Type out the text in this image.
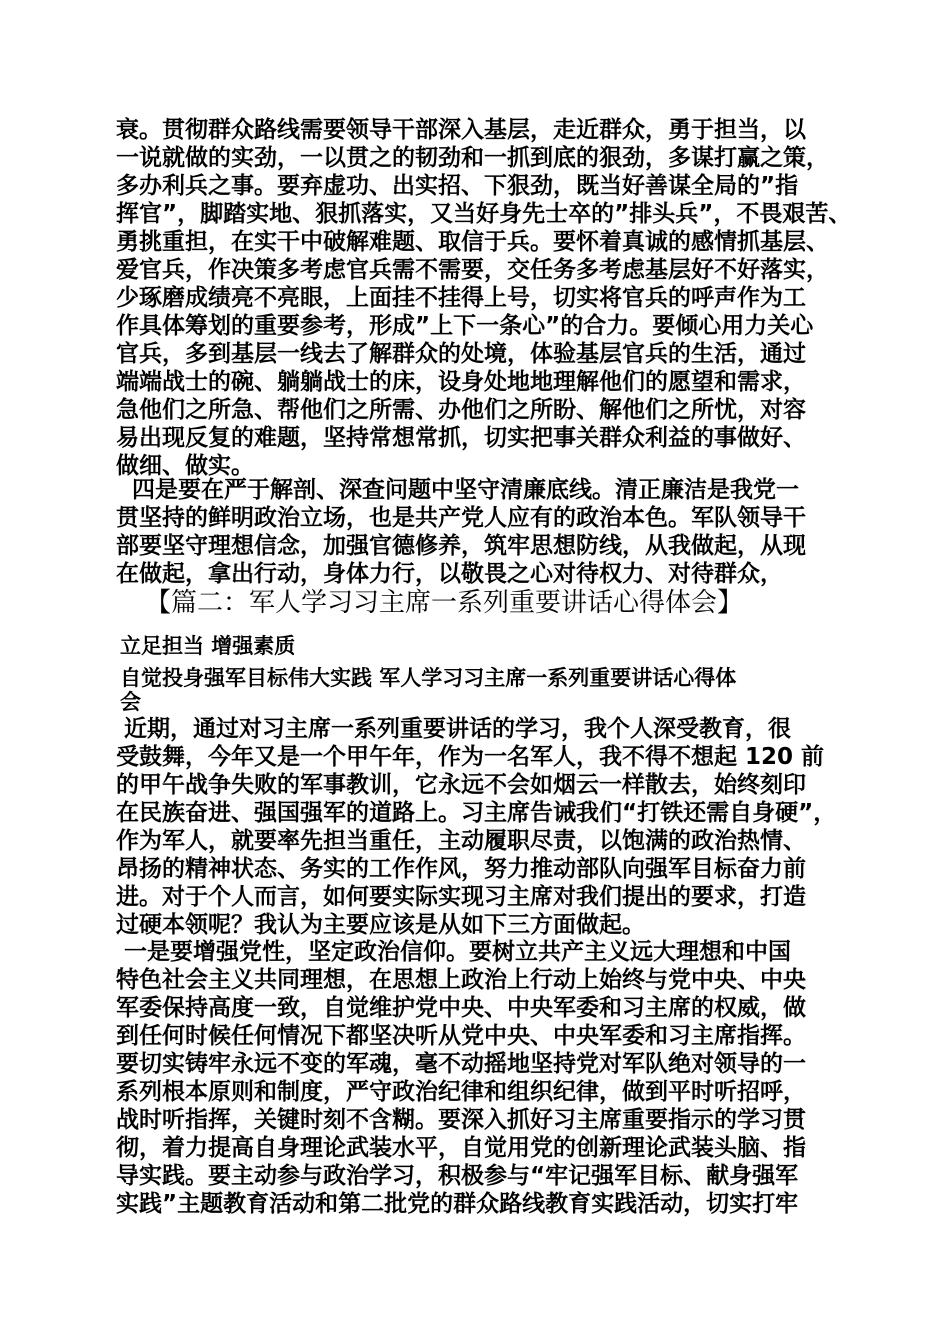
衰。贯彻群众路线需要领导干部深入基层，走近群众，勇于担当，以
一说就做的实劲，一以贯之的韧劲和一抓到底的狠劲，多谋打赢之策，
多办利兵之事。要弃虚功、出实招、下狠劲，既当好善谋全局的”指
挥官”，脚踏实地、狠抓落实，又当好身先士卒的”排头兵”，不畏艰苦、
勇挑重担，在实干中破解难题、取信于兵。要怀着真诚的感情抓基层、
爱官兵，作决策多考虑官兵需不需要，交任务多考虑基层好不好落实，
少琢磨成绩亮不亮眼，上面挂不挂得上号，切实将官兵的呼声作为工
作具体筹划的重要参考，形成”上下一条心”的合力。要倾心用力关心
官兵，多到基层一线去了解群众的处境，体验基层官兵的生活，通过
端端战士的碗、躺躺战士的床，设身处地地理解他们的愿望和需求，
急他们之所急、帮他们之所需、办他们之所盼、解他们之所忧，对容
易出现反复的难题，坚持常想常抓，切实把事关群众利益的事做好、
做细、做实。
四是要在严于解剖、深查问题中坚守清廉底线。清正廉洁是我党一
贯坚持的鲜明政治立场，也是共产党人应有的政治本色。军队领导干
部要坚守理想信念，加强官德修养，筑牢思想防线，从我做起，从现
在做起，拿出行动，身体力行，以敬畏之心对待权力、对待群众，
【篇二：军人学习习主席一系列重要讲话心得体会】
立足担当 增强素质
自觉投身强军目标伟大实践 军人学习习主席一系列重要讲话心得体
会
近期，通过对习主席一系列重要讲话的学习，我个人深受教育，很
受鼓舞，今年又是一个甲午年，作为一名军人，我不得不想起 120 前
的甲午战争失败的军事教训，它永远不会如烟云一样散去，始终刻印
在民族奋进、强国强军的道路上。习主席告诫我们“打铁还需自身硬”，
作为军人，就要率先担当重任，主动履职尽责，以饱满的政治热情、
昂扬的精神状态、务实的工作作风，努力推动部队向强军目标奋力前
进。对于个人而言，如何要实际实现习主席对我们提出的要求，打造
过硬本领呢？我认为主要应该是从如下三方面做起。
一是要增强党性，坚定政治信仰。要树立共产主义远大理想和中国
特色社会主义共同理想，在思想上政治上行动上始终与党中央、中央
军委保持高度一致，自觉维护党中央、中央军委和习主席的权威，做
到任何时候任何情况下都坚决听从党中央、中央军委和习主席指挥。
要切实铸牢永远不变的军魂，毫不动摇地坚持党对军队绝对领导的一
系列根本原则和制度，严守政治纪律和组织纪律，做到平时听招呼，
战时听指挥，关键时刻不含糊。要深入抓好习主席重要指示的学习贯
彻，着力提高自身理论武装水平，自觉用党的创新理论武装头脑、指
导实践。要主动参与政治学习，积极参与“牢记强军目标、献身强军
实践”主题教育活动和第二批党的群众路线教育实践活动，切实打牢
